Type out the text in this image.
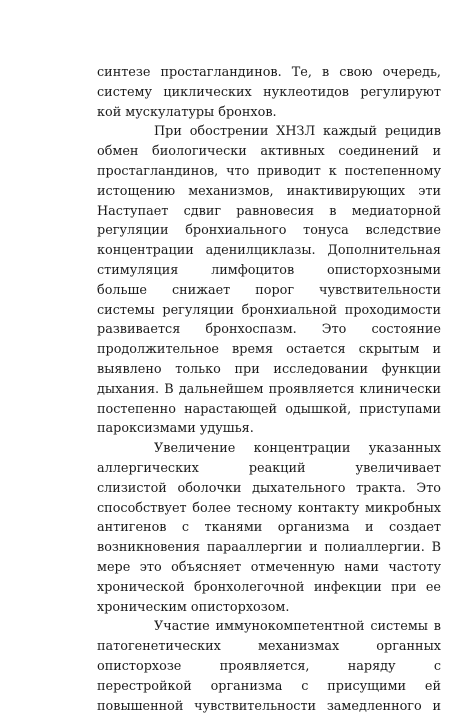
синтезе простагландинов. Те, в свою очередь,
систему циклических нуклеотидов регулируют
кой мускулатуры бронхов.
При обострении ХНЗЛ каждый рецидив
обмен биологически активных соединений и
простагландинов, что приводит к постепенному
истощению механизмов, инактивирующих эти
Наступает сдвиг равновесия в медиаторной
регуляции бронхиального тонуса вследствие
концентрации аденилциклазы. Дополнительная
стимуляция лимфоцитов описторхозными
больше снижает порог чувствительности
системы регуляции бронхиальной проходимости
развивается бронхоспазм. Это состояние
продолжительное время остается скрытым и
выявлено только при исследовании функции
дыхания. В дальнейшем проявляется клинически
постепенно нарастающей одышкой, приступами
пароксизмами удушья.
Увеличение концентрации указанных
аллергических реакций увеличивает
слизистой оболочки дыхательного тракта. Это
способствует более тесному контакту микробных
антигенов с тканями организма и создает
возникновения параaллергии и полиаллергии. В
мере это объясняет отмеченную нами частоту
хронической бронхолегочной инфекции при ее
хроническим описторхозом.
Участие иммунокомпетентной системы в
патогенетических механизмах органных
описторхозе проявляется, наряду с
перестройкой организма с присущими ей
повышенной чувствительности замедленного и
